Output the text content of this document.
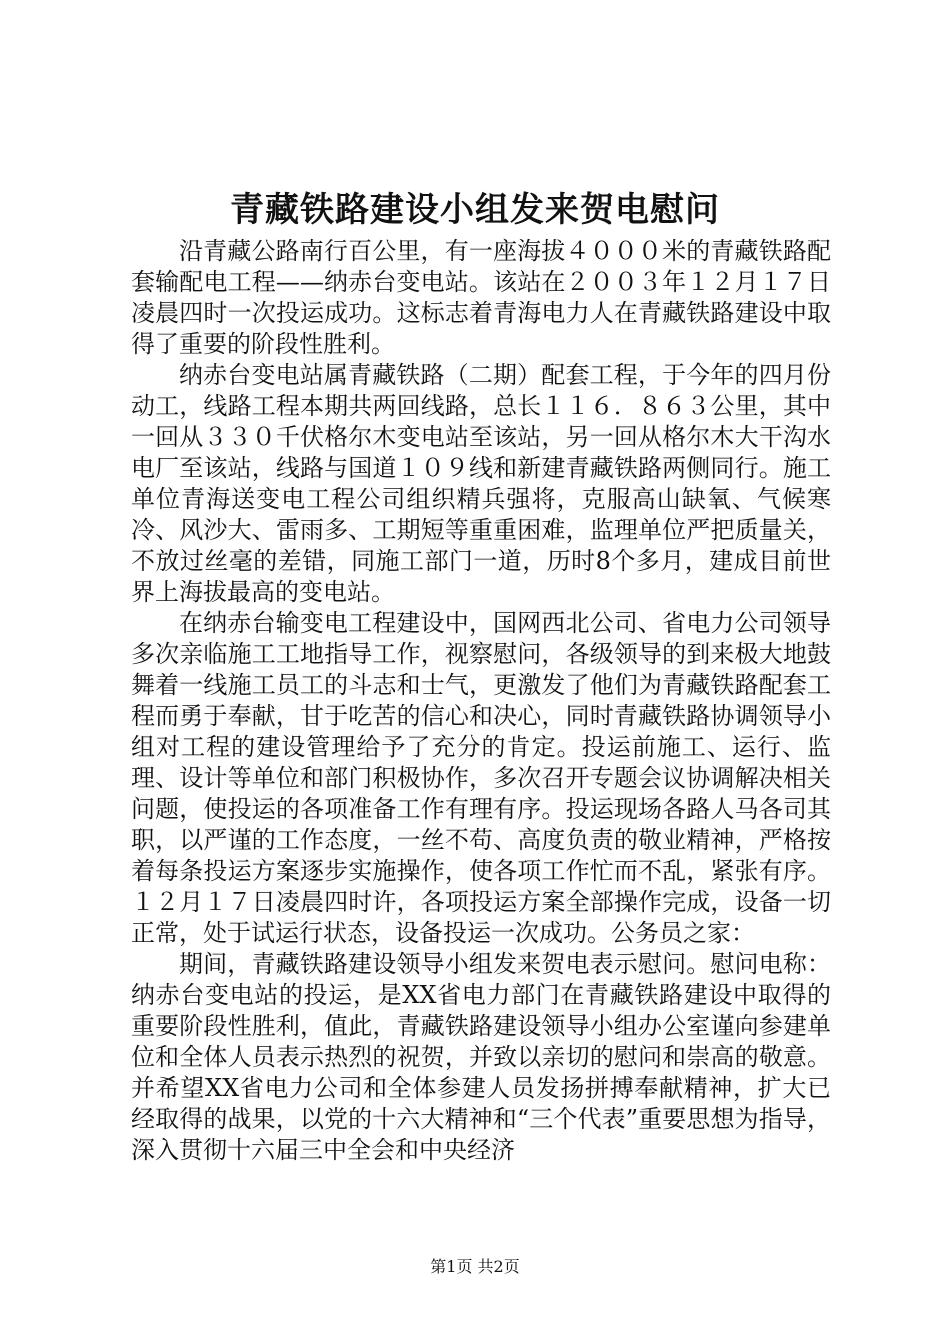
青藏铁路建设小组发来贺电慰问

沿青藏公路南行百公里，有一座海拔４０００米的青藏铁路配套输配电工程——纳赤台变电站。该站在２００３年１２月１７日凌晨四时一次投运成功。这标志着青海电力人在青藏铁路建设中取得了重要的阶段性胜利。

纳赤台变电站属青藏铁路（二期）配套工程，于今年的四月份动工，线路工程本期共两回线路，总长１１６．８６３公里，其中一回从３３０千伏格尔木变电站至该站，另一回从格尔木大干沟水电厂至该站，线路与国道１０９线和新建青藏铁路两侧同行。施工单位青海送变电工程公司组织精兵强将，克服高山缺氧、气候寒冷、风沙大、雷雨多、工期短等重重困难，监理单位严把质量关，不放过丝毫的差错，同施工部门一道，历时8个多月，建成目前世界上海拔最高的变电站。

在纳赤台输变电工程建设中，国网西北公司、省电力公司领导多次亲临施工工地指导工作，视察慰问，各级领导的到来极大地鼓舞着一线施工员工的斗志和士气，更激发了他们为青藏铁路配套工程而勇于奉献，甘于吃苦的信心和决心，同时青藏铁路协调领导小组对工程的建设管理给予了充分的肯定。投运前施工、运行、监理、设计等单位和部门积极协作，多次召开专题会议协调解决相关问题，使投运的各项准备工作有理有序。投运现场各路人马各司其职，以严谨的工作态度，一丝不苟、高度负责的敬业精神，严格按着每条投运方案逐步实施操作，使各项工作忙而不乱，紧张有序。１２月１７日凌晨四时许，各项投运方案全部操作完成，设备一切正常，处于试运行状态，设备投运一次成功。公务员之家：

期间，青藏铁路建设领导小组发来贺电表示慰问。慰问电称：纳赤台变电站的投运，是XX省电力部门在青藏铁路建设中取得的重要阶段性胜利，值此，青藏铁路建设领导小组办公室谨向参建单位和全体人员表示热烈的祝贺，并致以亲切的慰问和崇高的敬意。并希望XX省电力公司和全体参建人员发扬拼搏奉献精神，扩大已经取得的战果，以党的十六大精神和“三个代表”重要思想为指导，深入贯彻十六届三中全会和中央经济

第1页 共2页
